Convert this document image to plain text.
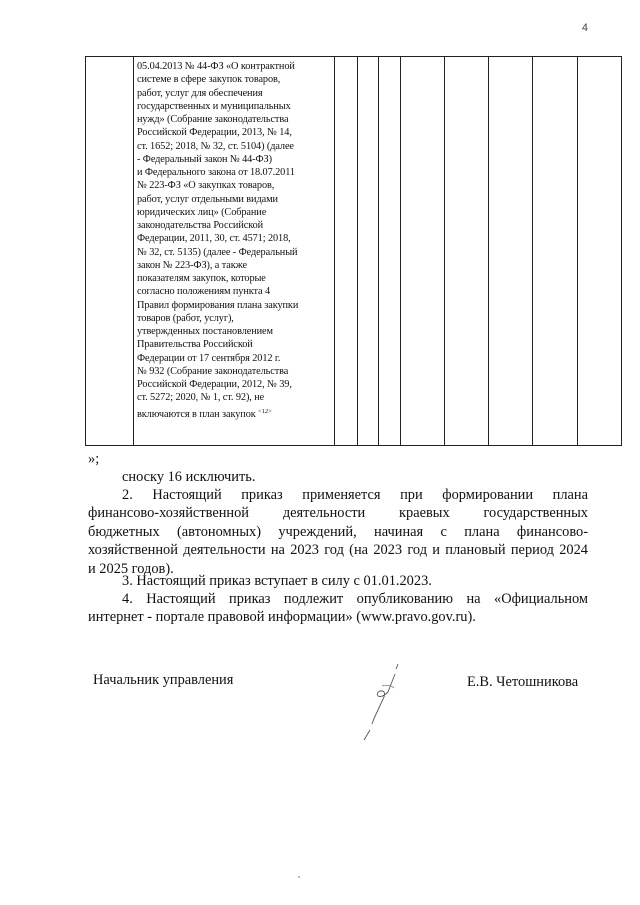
4

05.04.2013 № 44-ФЗ «О контрактной
системе в сфере закупок товаров,
работ, услуг для обеспечения
государственных и муниципальных
нужд» (Собрание законодательства
Российской Федерации, 2013, № 14,
ст. 1652; 2018, № 32, ст. 5104) (далее
- Федеральный закон № 44-ФЗ)
и Федерального закона от 18.07.2011
№ 223-ФЗ «О закупках товаров,
работ, услуг отдельными видами
юридических лиц» (Собрание
законодательства Российской
Федерации, 2011, 30, ст. 4571; 2018,
№ 32, ст. 5135) (далее - Федеральный
закон № 223-ФЗ), а также
показателям закупок, которые
согласно положениям пункта 4
Правил формирования плана закупки
товаров (работ, услуг),
утвержденных постановлением
Правительства Российской
Федерации от 17 сентября 2012 г.
№ 932 (Собрание законодательства
Российской Федерации, 2012, № 39,
ст. 5272; 2020, № 1, ст. 92), не
включаются в план закупок $^{<12>}$

»;
сноску 16 исключить.
2. Настоящий приказ применяется при формировании плана
финансово-хозяйственной деятельности краевых государственных
бюджетных (автономных) учреждений, начиная с плана финансово-
хозяйственной деятельности на 2023 год (на 2023 год и плановый период 2024
и 2025 годов).
3. Настоящий приказ вступает в силу с 01.01.2023.
4. Настоящий приказ подлежит опубликованию на «Официальном
интернет - портале правовой информации» (www.pravo.gov.ru).
Начальник управления	Е.В. Четошникова
